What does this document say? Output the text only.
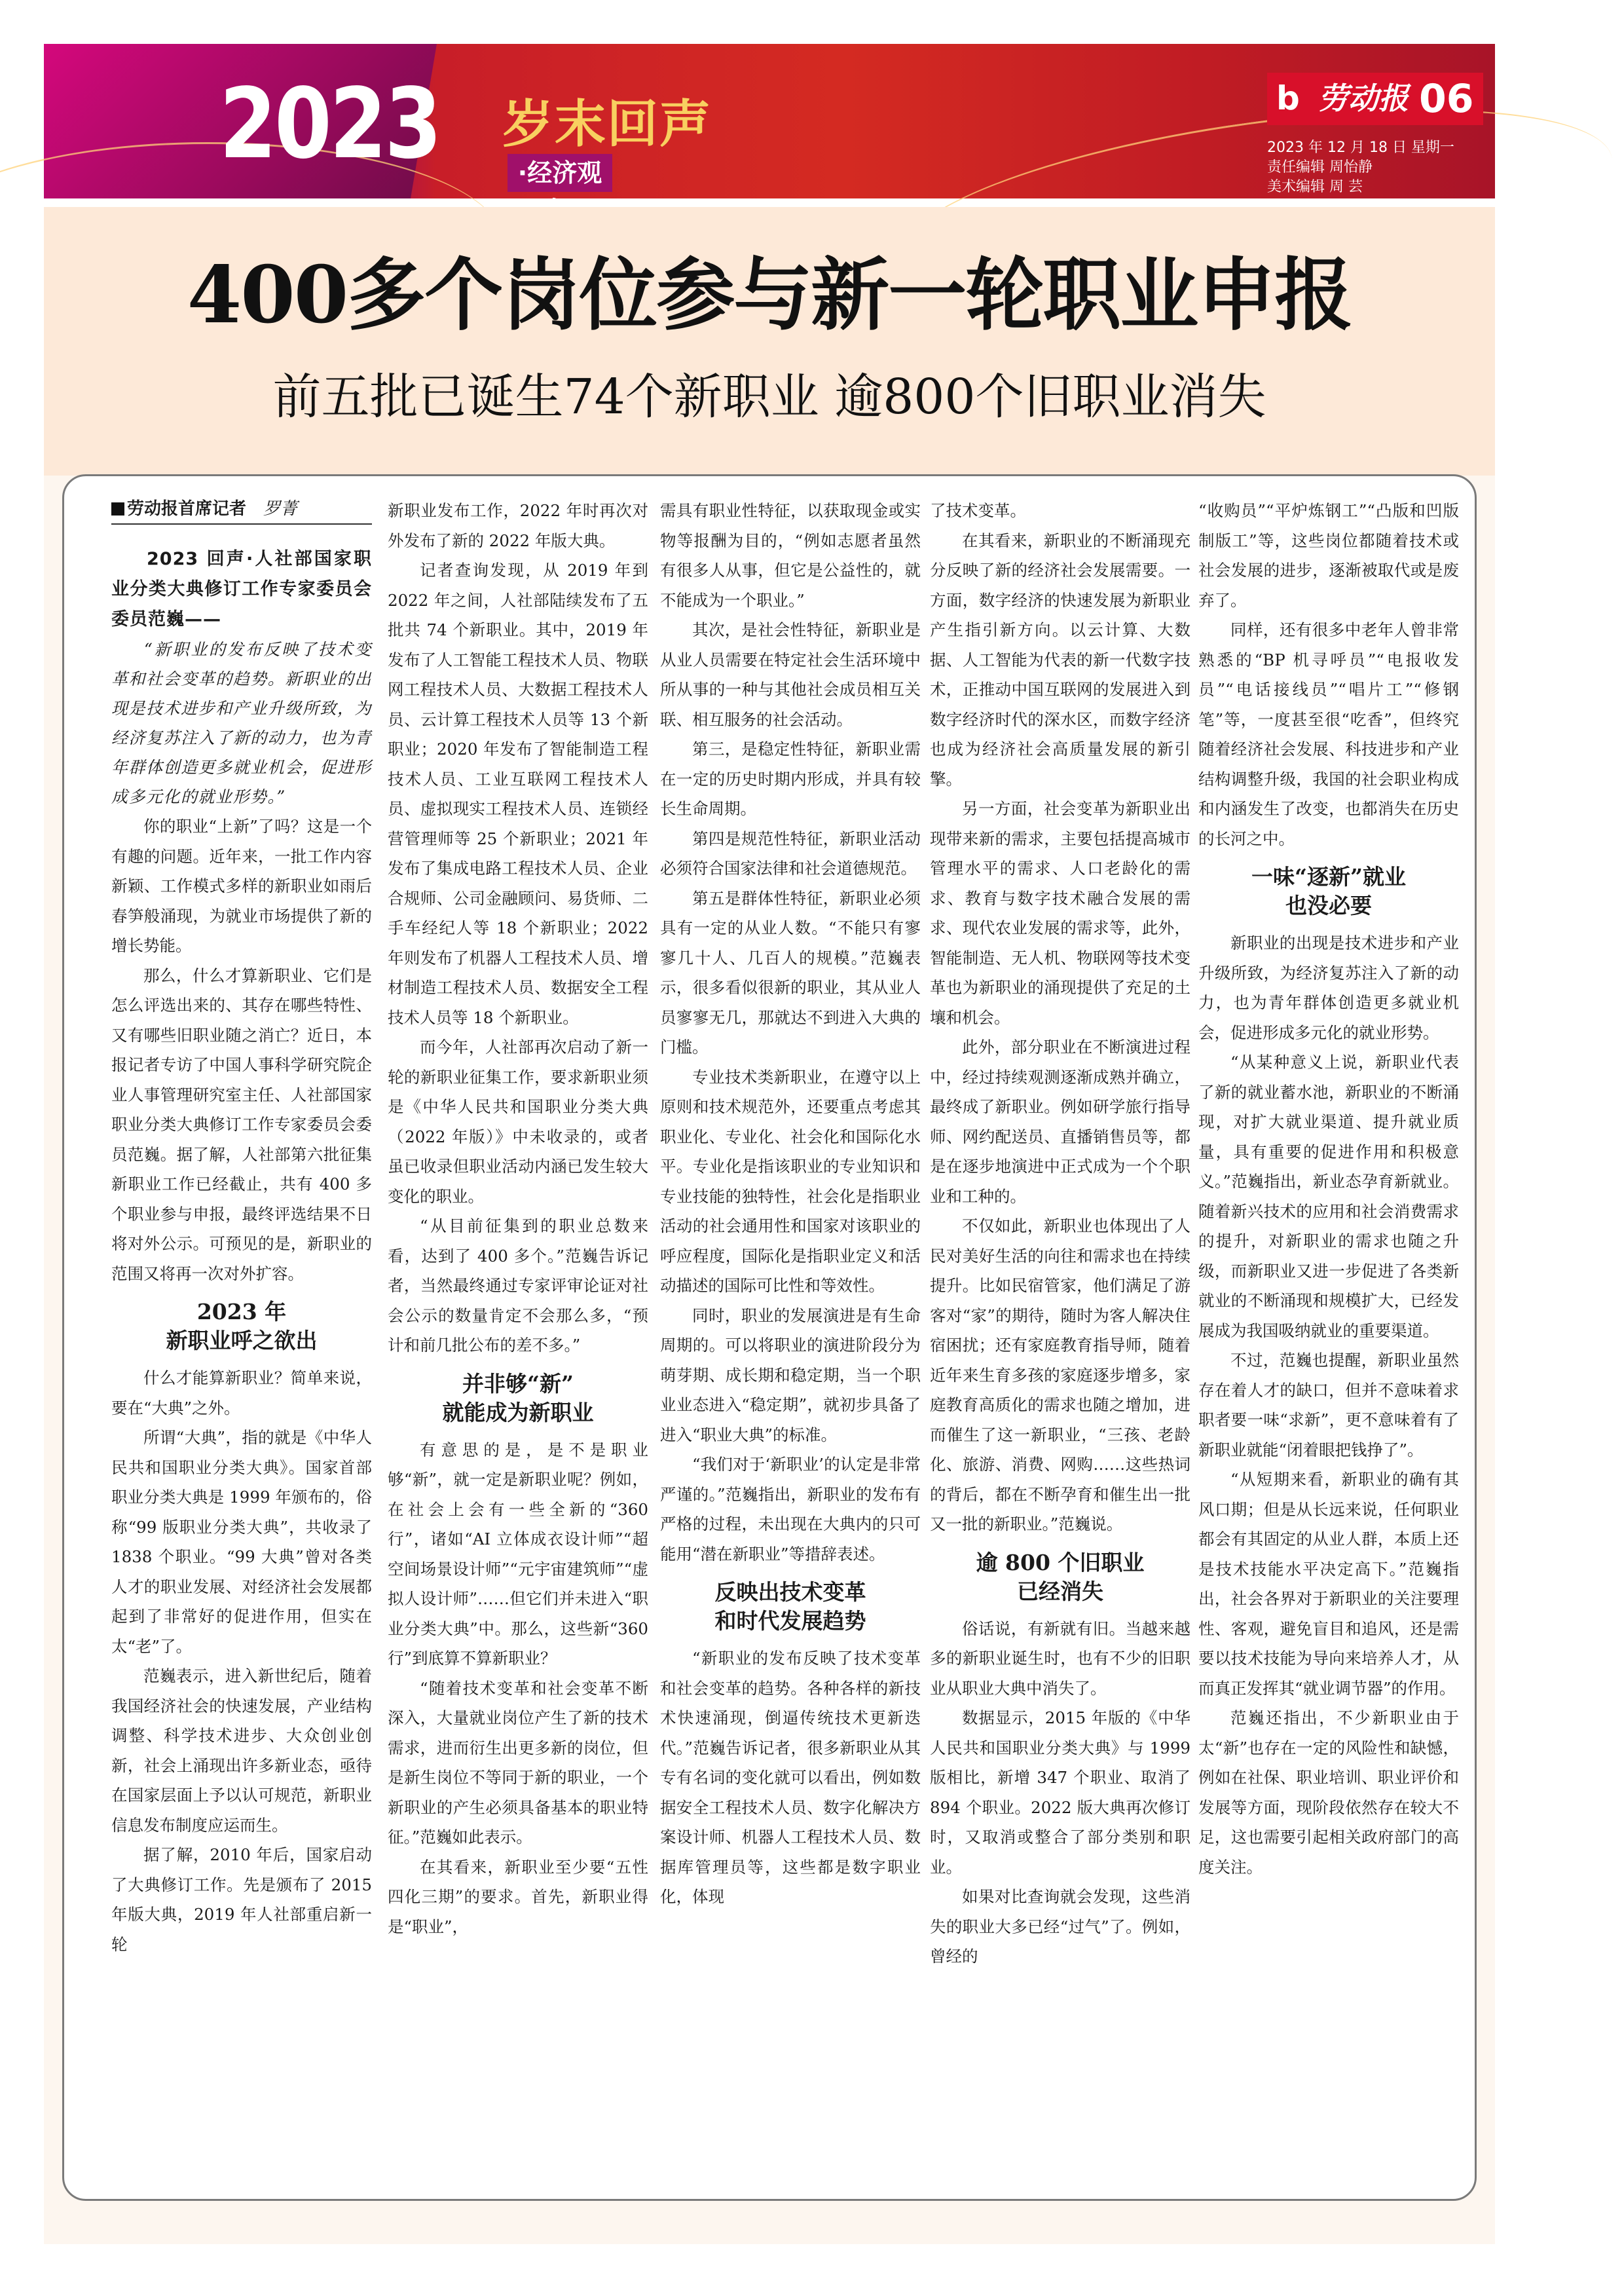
2023 岁末回声
·经济观
b 劳动报 06
2023 年 12 月 18 日 星期一
责任编辑 周怡静
美术编辑 周 芸
400多个岗位参与新一轮职业申报
前五批已诞生74个新职业 逾800个旧职业消失
劳动报首席记者 罗菁

2023 回声·人社部国家职业分类大典修订工作专家委员会委员范巍——

“新职业的发布反映了技术变革和社会变革的趋势。新职业的出现是技术进步和产业升级所致，为经济复苏注入了新的动力，也为青年群体创造更多就业机会，促进形成多元化的就业形势。”

你的职业“上新”了吗？这是一个有趣的问题。近年来，一批工作内容新颖、工作模式多样的新职业如雨后春笋般涌现，为就业市场提供了新的增长势能。

那么，什么才算新职业、它们是怎么评选出来的、其存在哪些特性、又有哪些旧职业随之消亡？近日，本报记者专访了中国人事科学研究院企业人事管理研究室主任、人社部国家职业分类大典修订工作专家委员会委员范巍。据了解，人社部第六批征集新职业工作已经截止，共有 400 多个职业参与申报，最终评选结果不日将对外公示。可预见的是，新职业的范围又将再一次对外扩容。

2023 年
新职业呼之欲出

什么才能算新职业？简单来说，要在“大典”之外。

所谓“大典”，指的就是《中华人民共和国职业分类大典》。国家首部职业分类大典是 1999 年颁布的，俗称“99 版职业分类大典”，共收录了 1838 个职业。“99 大典”曾对各类人才的职业发展、对经济社会发展都起到了非常好的促进作用，但实在太“老”了。

范巍表示，进入新世纪后，随着我国经济社会的快速发展，产业结构调整、科学技术进步、大众创业创新，社会上涌现出许多新业态，亟待在国家层面上予以认可规范，新职业信息发布制度应运而生。

据了解，2010 年后，国家启动了大典修订工作。先是颁布了 2015 年版大典，2019 年人社部重启新一轮

新职业发布工作，2022 年时再次对外发布了新的 2022 年版大典。

记者查询发现，从 2019 年到 2022 年之间，人社部陆续发布了五批共 74 个新职业。其中，2019 年发布了人工智能工程技术人员、物联网工程技术人员、大数据工程技术人员、云计算工程技术人员等 13 个新职业；2020 年发布了智能制造工程技术人员、工业互联网工程技术人员、虚拟现实工程技术人员、连锁经营管理师等 25 个新职业；2021 年发布了集成电路工程技术人员、企业合规师、公司金融顾问、易货师、二手车经纪人等 18 个新职业；2022 年则发布了机器人工程技术人员、增材制造工程技术人员、数据安全工程技术人员等 18 个新职业。

而今年，人社部再次启动了新一轮的新职业征集工作，要求新职业须是《中华人民共和国职业分类大典（2022 年版）》中未收录的，或者虽已收录但职业活动内涵已发生较大变化的职业。

“从目前征集到的职业总数来看，达到了 400 多个。”范巍告诉记者，当然最终通过专家评审论证对社会公示的数量肯定不会那么多，“预计和前几批公布的差不多。”

并非够“新”
就能成为新职业

有意思的是，是不是职业够“新”，就一定是新职业呢？例如，在社会上会有一些全新的“360 行”，诸如“AI 立体成衣设计师”“超空间场景设计师”“元宇宙建筑师”“虚拟人设计师”……但它们并未进入“职业分类大典”中。那么，这些新“360 行”到底算不算新职业？

“随着技术变革和社会变革不断深入，大量就业岗位产生了新的技术需求，进而衍生出更多新的岗位，但是新生岗位不等同于新的职业，一个新职业的产生必须具备基本的职业特征。”范巍如此表示。

在其看来，新职业至少要“五性四化三期”的要求。首先，新职业得是“职业”，

需具有职业性特征，以获取现金或实物等报酬为目的，“例如志愿者虽然有很多人从事，但它是公益性的，就不能成为一个职业。”

其次，是社会性特征，新职业是从业人员需要在特定社会生活环境中所从事的一种与其他社会成员相互关联、相互服务的社会活动。

第三，是稳定性特征，新职业需在一定的历史时期内形成，并具有较长生命周期。

第四是规范性特征，新职业活动必须符合国家法律和社会道德规范。

第五是群体性特征，新职业必须具有一定的从业人数。“不能只有寥寥几十人、几百人的规模。”范巍表示，很多看似很新的职业，其从业人员寥寥无几，那就达不到进入大典的门槛。

专业技术类新职业，在遵守以上原则和技术规范外，还要重点考虑其职业化、专业化、社会化和国际化水平。专业化是指该职业的专业知识和专业技能的独特性，社会化是指职业活动的社会通用性和国家对该职业的呼应程度，国际化是指职业定义和活动描述的国际可比性和等效性。

同时，职业的发展演进是有生命周期的。可以将职业的演进阶段分为萌芽期、成长期和稳定期，当一个职业业态进入“稳定期”，就初步具备了进入“职业大典”的标准。

“我们对于‘新职业’的认定是非常严谨的。”范巍指出，新职业的发布有严格的过程，未出现在大典内的只可能用“潜在新职业”等措辞表述。

反映出技术变革
和时代发展趋势

“新职业的发布反映了技术变革和社会变革的趋势。各种各样的新技术快速涌现，倒逼传统技术更新迭代。”范巍告诉记者，很多新职业从其专有名词的变化就可以看出，例如数据安全工程技术人员、数字化解决方案设计师、机器人工程技术人员、数据库管理员等，这些都是数字职业化，体现

了技术变革。

在其看来，新职业的不断涌现充分反映了新的经济社会发展需要。一方面，数字经济的快速发展为新职业产生指引新方向。以云计算、大数据、人工智能为代表的新一代数字技术，正推动中国互联网的发展进入到数字经济时代的深水区，而数字经济也成为经济社会高质量发展的新引擎。

另一方面，社会变革为新职业出现带来新的需求，主要包括提高城市管理水平的需求、人口老龄化的需求、教育与数字技术融合发展的需求、现代农业发展的需求等，此外，智能制造、无人机、物联网等技术变革也为新职业的涌现提供了充足的土壤和机会。

此外，部分职业在不断演进过程中，经过持续观测逐渐成熟并确立，最终成了新职业。例如研学旅行指导师、网约配送员、直播销售员等，都是在逐步地演进中正式成为一个个职业和工种的。

不仅如此，新职业也体现出了人民对美好生活的向往和需求也在持续提升。比如民宿管家，他们满足了游客对“家”的期待，随时为客人解决住宿困扰；还有家庭教育指导师，随着近年来生育多孩的家庭逐步增多，家庭教育高质化的需求也随之增加，进而催生了这一新职业，“三孩、老龄化、旅游、消费、网购……这些热词的背后，都在不断孕育和催生出一批又一批的新职业。”范巍说。

逾 800 个旧职业
已经消失

俗话说，有新就有旧。当越来越多的新职业诞生时，也有不少的旧职业从职业大典中消失了。

数据显示，2015 年版的《中华人民共和国职业分类大典》与 1999 版相比，新增 347 个职业、取消了 894 个职业。2022 版大典再次修订时，又取消或整合了部分类别和职业。

如果对比查询就会发现，这些消失的职业大多已经“过气”了。例如，曾经的

“收购员”“平炉炼钢工”“凸版和凹版制版工”等，这些岗位都随着技术或社会发展的进步，逐渐被取代或是废弃了。

同样，还有很多中老年人曾非常熟悉的“BP 机寻呼员”“电报收发员”“电话接线员”“唱片工”“修钢笔”等，一度甚至很“吃香”，但终究随着经济社会发展、科技进步和产业结构调整升级，我国的社会职业构成和内涵发生了改变，也都消失在历史的长河之中。

一味“逐新”就业
也没必要

新职业的出现是技术进步和产业升级所致，为经济复苏注入了新的动力，也为青年群体创造更多就业机会，促进形成多元化的就业形势。

“从某种意义上说，新职业代表了新的就业蓄水池，新职业的不断涌现，对扩大就业渠道、提升就业质量，具有重要的促进作用和积极意义。”范巍指出，新业态孕育新就业。随着新兴技术的应用和社会消费需求的提升，对新职业的需求也随之升级，而新职业又进一步促进了各类新就业的不断涌现和规模扩大，已经发展成为我国吸纳就业的重要渠道。

不过，范巍也提醒，新职业虽然存在着人才的缺口，但并不意味着求职者要一味“求新”，更不意味着有了新职业就能“闭着眼把钱挣了”。

“从短期来看，新职业的确有其风口期；但是从长远来说，任何职业都会有其固定的从业人群，本质上还是技术技能水平决定高下。”范巍指出，社会各界对于新职业的关注要理性、客观，避免盲目和追风，还是需要以技术技能为导向来培养人才，从而真正发挥其“就业调节器”的作用。

范巍还指出，不少新职业由于太“新”也存在一定的风险性和缺憾，例如在社保、职业培训、职业评价和发展等方面，现阶段依然存在较大不足，这也需要引起相关政府部门的高度关注。
